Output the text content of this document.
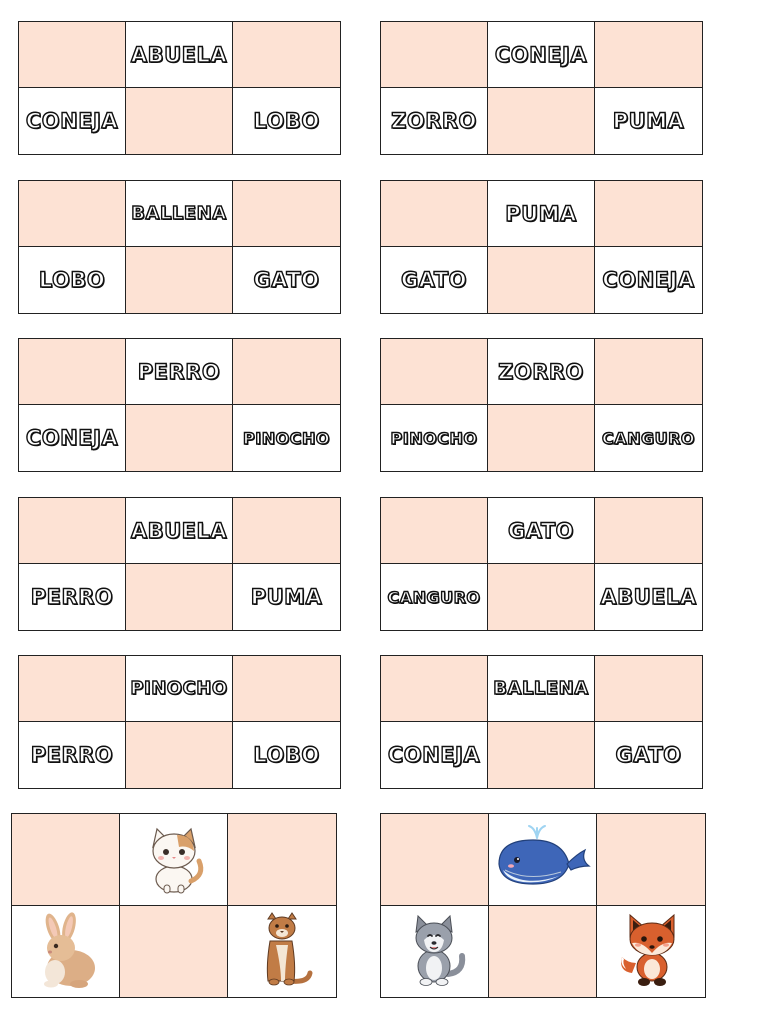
ABUELA
CONEJA	LOBO
CONEJA
ZORRO	PUMA
BALLENA
LOBO	GATO
PUMA
GATO	CONEJA
PERRO
CONEJA	PINOCHO
ZORRO
PINOCHO	CANGURO
ABUELA
PERRO	PUMA
GATO
CANGURO	ABUELA
PINOCHO
PERRO	LOBO
BALLENA
CONEJA	GATO
